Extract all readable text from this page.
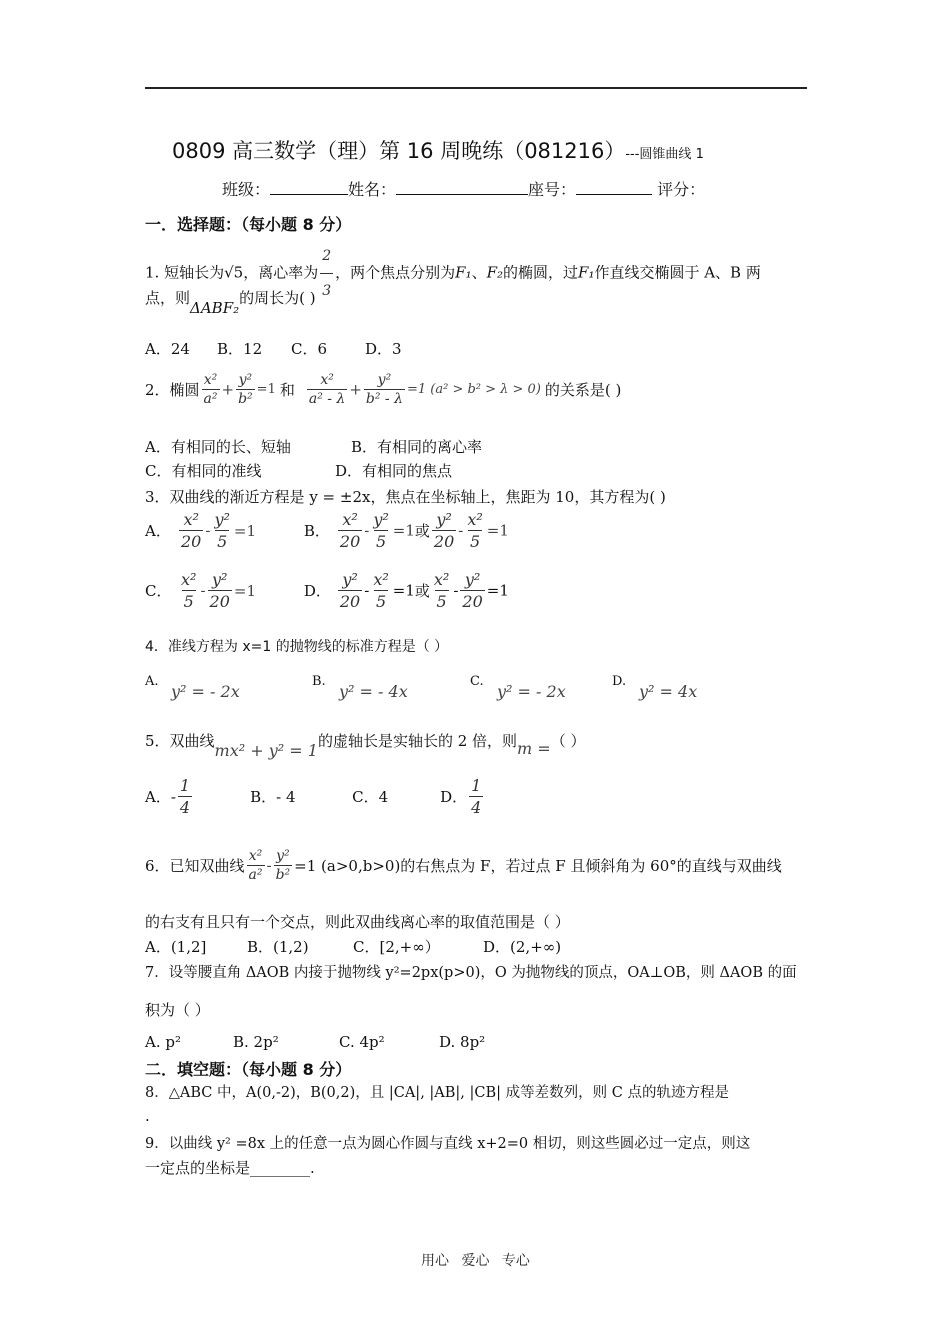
0809 高三数学（理）第 16 周晚练（081216）---圆锥曲线 1
班级：	姓名：	座号：	评分：
一．选择题：（每小题 8 分）
1. 短轴长为√5，离心率为 $\frac{2}{3}$ ，两个焦点分别为F₁、F₂的椭圆，过F₁作直线交椭圆于 A、B 两
点，则ΔABF₂的周长为( )
A．24 B．12 C．6	D．3
2．椭圆 $\frac{\text{x²}}{\text{a²}} + \frac{\text{y²}}{\text{b²}} =1$ 和 $\frac{\text{x²}}{\text{a² - λ}} + \frac{\text{y²}}{\text{b² - λ}} =1$ (a² > b² > λ > 0) 的关系是( )
A．有相同的长、短轴	B．有相同的离心率
C．有相同的准线	D．有相同的焦点
3．双曲线的渐近方程是 y = ±2x，焦点在坐标轴上，焦距为 10，其方程为( )
A． $\frac{\text{x²}}{20} - \frac{\text{y²}}{5} =1$	B． $\frac{\text{x²}}{20} - \frac{\text{y²}}{5} =1$或 $\frac{\text{y²}}{20} - \frac{\text{x²}}{5} =1$
C． $\frac{\text{x²}}{5} - \frac{\text{y²}}{20} =1$	D． $\frac{\text{y²}}{20} - \frac{\text{x²}}{5} =1$或 $\frac{\text{x²}}{5} - \frac{\text{y²}}{20} =1$
4．准线方程为 x=1 的抛物线的标准方程是（ ）
A.
y² = - 2x
B.
y² = - 4x
C.
y² = - 2x
D.
y² = 4x
5．双曲线mx² + y² = 1的虚轴长是实轴长的 2 倍，则m =（ ）
A．- $\frac{1}{4}$	B．- 4	C．4	D． $\frac{1}{4}$
6．已知双曲线 $\frac{\text{x²}}{\text{a²}} - \frac{\text{y²}}{\text{b²}} =1$ (a>0,b>0)的右焦点为 F，若过点 F 且倾斜角为 60°的直线与双曲线
的右支有且只有一个交点，则此双曲线离心率的取值范围是（ ）
A．(1,2]	B．(1,2)	C．[2,+∞）	D．(2,+∞)
7．设等腰直角 ΔAOB 内接于抛物线 y²=2px(p>0)，O 为抛物线的顶点，OA⊥OB，则 ΔAOB 的面
积为（ ）
A. p²	B. 2p²	C. 4p²	D. 8p²
二．填空题：（每小题 8 分）
8．△ABC 中，A(0,-2)，B(0,2)，且 |CA|, |AB|, |CB| 成等差数列，则 C 点的轨迹方程是
.
9．以曲线 y² =8x 上的任意一点为圆心作圆与直线 x+2=0 相切，则这些圆必过一定点，则这
一定点的坐标是________.
用心 爱心 专心
